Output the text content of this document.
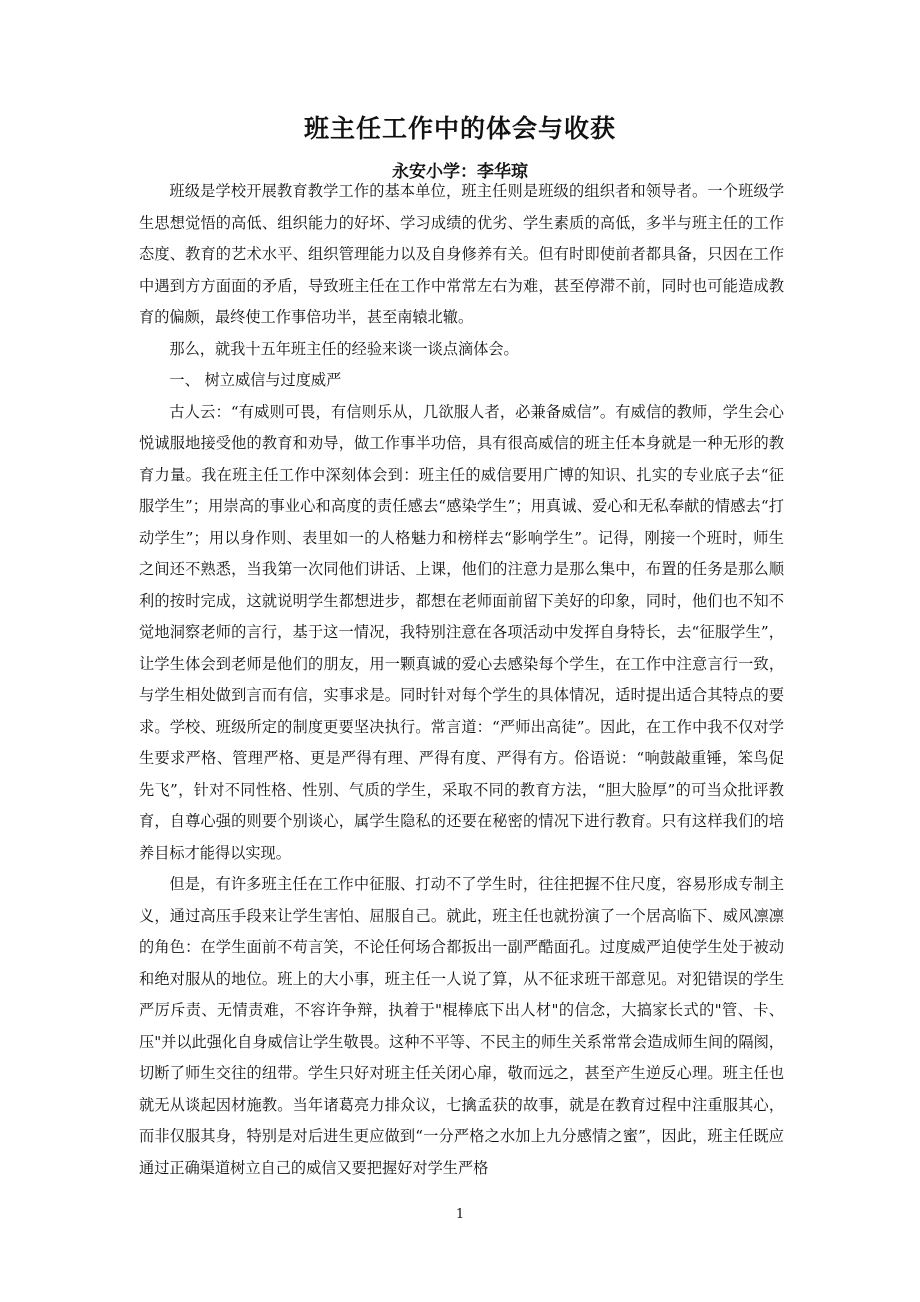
班主任工作中的体会与收获
永安小学：李华琼

班级是学校开展教育教学工作的基本单位，班主任则是班级的组织者和领导者。一个班级学生思想觉悟的高低、组织能力的好坏、学习成绩的优劣、学生素质的高低，多半与班主任的工作态度、教育的艺术水平、组织管理能力以及自身修养有关。但有时即使前者都具备，只因在工作中遇到方方面面的矛盾，导致班主任在工作中常常左右为难，甚至停滞不前，同时也可能造成教育的偏颇，最终使工作事倍功半，甚至南辕北辙。

那么，就我十五年班主任的经验来谈一谈点滴体会。

一、 树立威信与过度威严

古人云：“有威则可畏，有信则乐从，几欲服人者，必兼备威信”。有威信的教师，学生会心悦诚服地接受他的教育和劝导，做工作事半功倍，具有很高威信的班主任本身就是一种无形的教育力量。我在班主任工作中深刻体会到：班主任的威信要用广博的知识、扎实的专业底子去“征服学生”；用崇高的事业心和高度的责任感去“感染学生”；用真诚、爱心和无私奉献的情感去“打动学生”；用以身作则、表里如一的人格魅力和榜样去“影响学生”。记得，刚接一个班时，师生之间还不熟悉，当我第一次同他们讲话、上课，他们的注意力是那么集中，布置的任务是那么顺利的按时完成，这就说明学生都想进步，都想在老师面前留下美好的印象，同时，他们也不知不觉地洞察老师的言行，基于这一情况，我特别注意在各项活动中发挥自身特长，去“征服学生”，让学生体会到老师是他们的朋友，用一颗真诚的爱心去感染每个学生，在工作中注意言行一致，与学生相处做到言而有信，实事求是。同时针对每个学生的具体情况，适时提出适合其特点的要求。学校、班级所定的制度更要坚决执行。常言道：“严师出高徒”。因此，在工作中我不仅对学生要求严格、管理严格、更是严得有理、严得有度、严得有方。俗语说：“响鼓敲重锤，笨鸟促先飞”，针对不同性格、性别、气质的学生，采取不同的教育方法，“胆大脸厚”的可当众批评教育，自尊心强的则要个别谈心，属学生隐私的还要在秘密的情况下进行教育。只有这样我们的培养目标才能得以实现。

但是，有许多班主任在工作中征服、打动不了学生时，往往把握不住尺度，容易形成专制主义，通过高压手段来让学生害怕、屈服自己。就此，班主任也就扮演了一个居高临下、威风凛凛的角色：在学生面前不苟言笑，不论任何场合都扳出一副严酷面孔。过度威严迫使学生处于被动和绝对服从的地位。班上的大小事，班主任一人说了算，从不征求班干部意见。对犯错误的学生严厉斥责、无情责难，不容许争辩，执着于"棍棒底下出人材"的信念，大搞家长式的"管、卡、压"并以此强化自身威信让学生敬畏。这种不平等、不民主的师生关系常常会造成师生间的隔阂，切断了师生交往的纽带。学生只好对班主任关闭心扉，敬而远之，甚至产生逆反心理。班主任也就无从谈起因材施教。当年诸葛亮力排众议，七擒孟获的故事，就是在教育过程中注重服其心，而非仅服其身，特别是对后进生更应做到“一分严格之水加上九分感情之蜜”，因此，班主任既应通过正确渠道树立自己的威信又要把握好对学生严格

1
